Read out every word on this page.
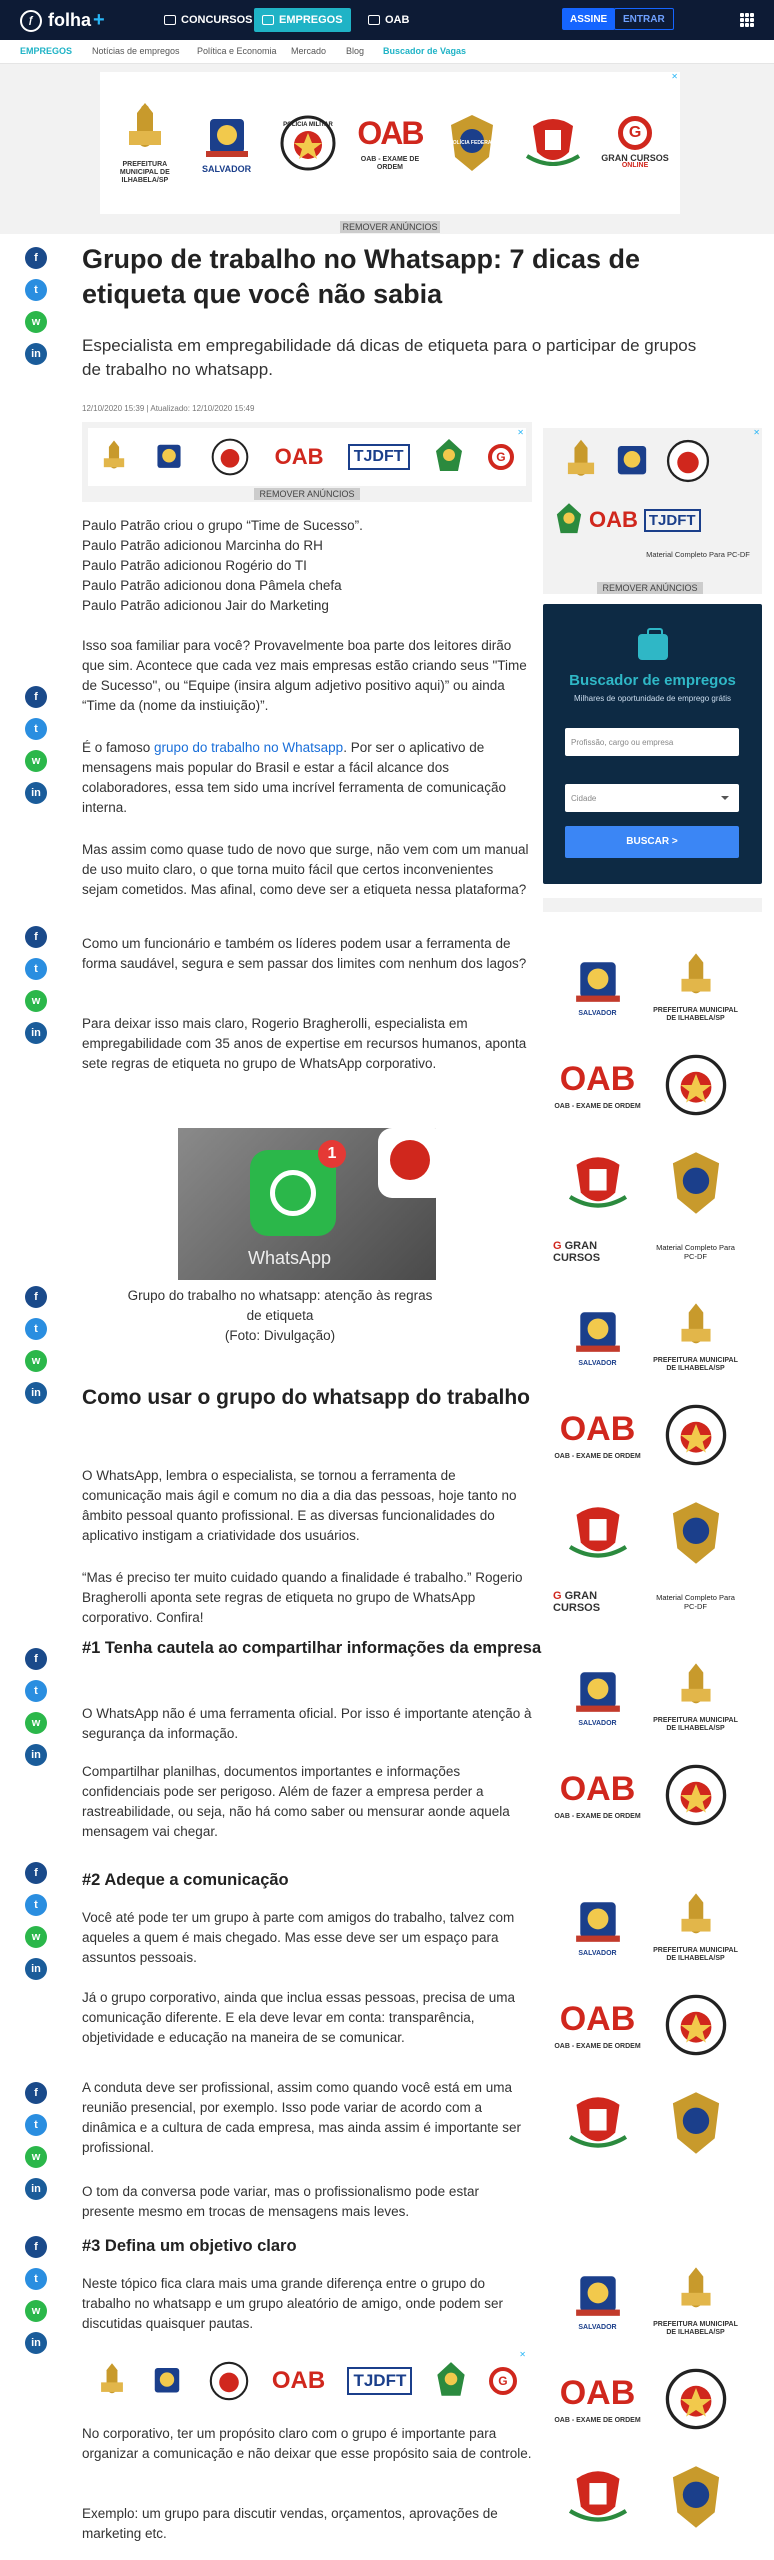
ƒ folha +	CONCURSOS EMPREGOS	OAB	ASSINE	ENTRAR
EMPREGOS Notícias de empregos Política e Economia Mercado Blog Buscador de Vagas
✕
PREFEITURA MUNICIPAL DE ILHABELA/SP
SALVADOR
POLÍCIA MILITAR OAB
OAB - EXAME DE ORDEM
POLÍCIA FEDERAL
G
GRAN CURSOS
ONLINE
REMOVER ANÚNCIOS
f
t
w
in
f
t
w
in
f
t
w
in
f
t
w
in
f
t
w
in
f
t
w
in
f
t
w
in
f
t
w
in
Grupo de trabalho no Whatsapp: 7 dicas de etiqueta que você não sabia

Especialista em empregabilidade dá dicas de etiqueta para o participar de grupos de trabalho no whatsapp.

12/10/2020 15:39 | Atualizado: 12/10/2020 15:49
✕
OAB	TJDFT	G
REMOVER ANÚNCIOS
Paulo Patrão criou o grupo “Time de Sucesso”.
Paulo Patrão adicionou Marcinha do RH
Paulo Patrão adicionou Rogério do TI
Paulo Patrão adicionou dona Pâmela chefa
Paulo Patrão adicionou Jair do Marketing

Isso soa familiar para você? Provavelmente boa parte dos leitores dirão que sim. Acontece que cada vez mais empresas estão criando seus "Time de Sucesso", ou “Equipe (insira algum adjetivo positivo aqui)” ou ainda “Time da (nome da instiuição)”.

É o famoso grupo do trabalho no Whatsapp. Por ser o aplicativo de mensagens mais popular do Brasil e estar a fácil alcance dos colaboradores, essa tem sido uma incrível ferramenta de comunicação interna.

Mas assim como quase tudo de novo que surge, não vem com um manual de uso muito claro, o que torna muito fácil que certos inconvenientes sejam cometidos. Mas afinal, como deve ser a etiqueta nessa plataforma?

Como um funcionário e também os líderes podem usar a ferramenta de forma saudável, segura e sem passar dos limites com nenhum dos lagos?

Para deixar isso mais claro, Rogerio Bragherolli, especialista em empregabilidade com 35 anos de expertise em recursos humanos, aponta sete regras de etiqueta no grupo de WhatsApp corporativo.

1
WhatsApp

Grupo do trabalho no whatsapp: atenção às regras de etiqueta
(Foto: Divulgação)

Como usar o grupo do whatsapp do trabalho

O WhatsApp, lembra o especialista, se tornou a ferramenta de comunicação mais ágil e comum no dia a dia das pessoas, hoje tanto no âmbito pessoal quanto profissional. E as diversas funcionalidades do aplicativo instigam a criatividade dos usuários.

“Mas é preciso ter muito cuidado quando a finalidade é trabalho.” Rogerio Bragherolli aponta sete regras de etiqueta no grupo de WhatsApp corporativo. Confira!

#1 Tenha cautela ao compartilhar informações da empresa

O WhatsApp não é uma ferramenta oficial. Por isso é importante atenção à segurança da informação.

Compartilhar planilhas, documentos importantes e informações confidenciais pode ser perigoso. Além de fazer a empresa perder a rastreabilidade, ou seja, não há como saber ou mensurar aonde aquela mensagem vai chegar.

#2 Adeque a comunicação

Você até pode ter um grupo à parte com amigos do trabalho, talvez com aqueles a quem é mais chegado. Mas esse deve ser um espaço para assuntos pessoais.

Já o grupo corporativo, ainda que inclua essas pessoas, precisa de uma comunicação diferente. E ela deve levar em conta: transparência, objetividade e educação na maneira de se comunicar.

A conduta deve ser profissional, assim como quando você está em uma reunião presencial, por exemplo. Isso pode variar de acordo com a dinâmica e a cultura de cada empresa, mas ainda assim é importante ser profissional.

O tom da conversa pode variar, mas o profissionalismo pode estar presente mesmo em trocas de mensagens mais leves.

#3 Defina um objetivo claro

Neste tópico fica clara mais uma grande diferença entre o grupo do trabalho no whatsapp e um grupo aleatório de amigo, onde podem ser discutidas quaisquer pautas.

✕
OAB	TJDFT	G

No corporativo, ter um propósito claro com o grupo é importante para organizar a comunicação e não deixar que esse propósito saia de controle.

Exemplo: um grupo para discutir vendas, orçamentos, aprovações de marketing etc.

✕
OAB TJDFT
Material Completo Para PC-DF
REMOVER ANÚNCIOS
Buscador de empregos
Milhares de oportunidade de emprego grátis
Profissão, cargo ou empresa
Cidade
BUSCAR >
SALVADOR	PREFEITURA MUNICIPAL DE ILHABELA/SP
OAB
OAB - EXAME DE ORDEM
G GRAN CURSOS
Material Completo Para PC-DF
SALVADOR	PREFEITURA MUNICIPAL DE ILHABELA/SP
OAB
OAB - EXAME DE ORDEM
G GRAN CURSOS
Material Completo Para PC-DF
SALVADOR	PREFEITURA MUNICIPAL DE ILHABELA/SP
OAB
OAB - EXAME DE ORDEM
SALVADOR	PREFEITURA MUNICIPAL DE ILHABELA/SP
OAB
OAB - EXAME DE ORDEM
SALVADOR	PREFEITURA MUNICIPAL DE ILHABELA/SP
OAB
OAB - EXAME DE ORDEM
